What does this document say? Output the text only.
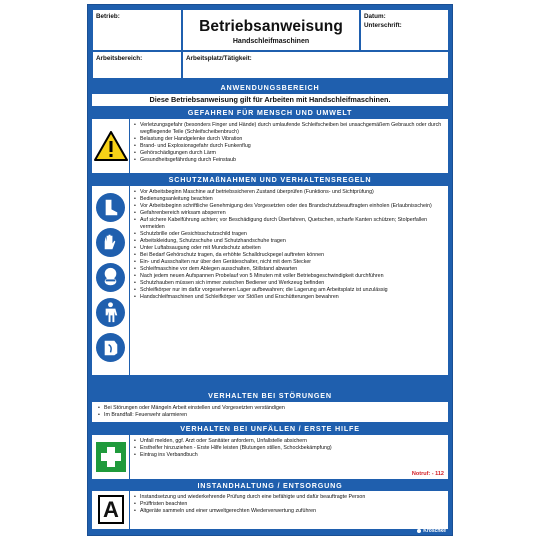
Betrieb:
Betriebsanweisung
Handschleifmaschinen
Datum:
Unterschrift:
Arbeitsbereich:	Arbeitsplatz/Tätigkeit:
ANWENDUNGSBEREICH
Diese Betriebsanweisung gilt für Arbeiten mit Handschleifmaschinen.
GEFAHREN FÜR MENSCH UND UMWELT
• Verletzungsgefahr (besonders Finger und Hände) durch umlaufende Schleifscheiben bei unsachgemäßem Gebrauch oder durch wegfliegende Teile (Schleifscheibenbruch)
• Belastung der Handgelenke durch Vibration
• Brand- und Explosionsgefahr durch Funkenflug
• Gehörschädigungen durch Lärm
• Gesundheitsgefährdung durch Feinstaub
SCHUTZMAßNAHMEN UND VERHALTENSREGELN
• Vor Arbeitsbeginn Maschine auf betriebssicheren Zustand überprüfen (Funktions- und Sichtprüfung)
• Bedienungsanleitung beachten
• Vor Arbeitsbeginn schriftliche Genehmigung des Vorgesetzten oder des Brandschutzbeauftragten einholen (Erlaubnisschein)
• Gefahrenbereich wirksam absperren
• Auf sichere Kabelführung achten; vor Beschädigung durch Überfahren, Quetschen, scharfe Kanten schützen; Stolperfallen vermeiden
• Schutzbrille oder Gesichtsschutzschild tragen
• Arbeitskleidung, Schutzschuhe und Schutzhandschuhe tragen
• Unter Luftabsaugung oder mit Mundschutz arbeiten
• Bei Bedarf Gehörschutz tragen, da erhöhte Schalldruckpegel auftreten können
• Ein- und Ausschalten nur über den Geräteschalter, nicht mit dem Stecker
• Schleifmaschine vor dem Ablegen ausschalten, Stillstand abwarten
• Nach jedem neuen Aufspannen Probelauf von 5 Minuten mit voller Betriebsgeschwindigkeit durchführen
• Schutzhauben müssen sich immer zwischen Bediener und Werkzeug befinden
• Schleifkörper nur im dafür vorgesehenen Lager aufbewahren; die Lagerung am Arbeitsplatz ist unzulässig
• Handschleifmaschinen und Schleifkörper vor Stößen und Erschütterungen bewahren
VERHALTEN BEI STÖRUNGEN
• Bei Störungen oder Mängeln Arbeit einstellen und Vorgesetzten verständigen
• Im Brandfall: Feuerwehr alarmieren
VERHALTEN BEI UNFÄLLEN / ERSTE HILFE
• Unfall melden, ggf. Arzt oder Sanitäter anfordern, Unfallstelle absichern
• Ersthelfer hinzuziehen - Erste Hilfe leisten (Blutungen stillen, Schockbekämpfung)
• Eintrag ins Verbandbuch
Notruf: - 112
INSTANDHALTUNG / ENTSORGUNG
A
•	Instandsetzung und wiederkehrende Prüfung durch eine befähigte und dafür beauftragte Person
• Prüffristen beachten
• Altgeräte sammeln und einer umweltgerechten Wiederverwertung zuführen
Kroschke
